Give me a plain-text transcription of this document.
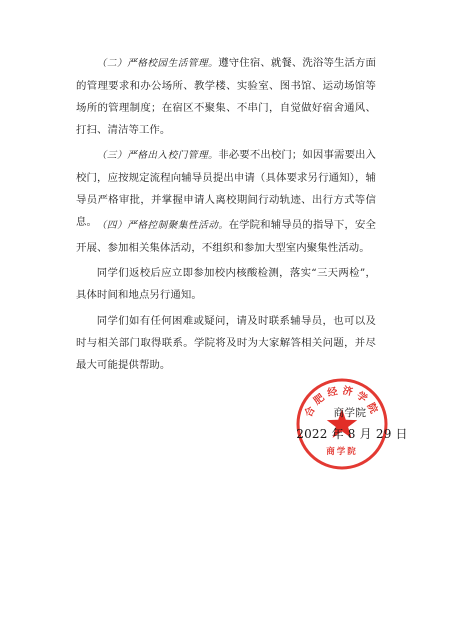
（二）严格校园生活管理。遵守住宿、就餐、洗浴等生活方面的管理要求和办公场所、教学楼、实验室、图书馆、运动场馆等场所的管理制度；在宿区不聚集、不串门，自觉做好宿舍通风、打扫、清洁等工作。

（三）严格出入校门管理。非必要不出校门；如因事需要出入校门，应按规定流程向辅导员提出申请（具体要求另行通知），辅导员严格审批，并掌握申请人离校期间行动轨迹、出行方式等信息。 （四）严格控制聚集性活动。在学院和辅导员的指导下，安全开展、参加相关集体活动，不组织和参加大型室内聚集性活动。

同学们返校后应立即参加校内核酸检测，落实“三天两检”，具体时间和地点另行通知。

同学们如有任何困难或疑问，请及时联系辅导员，也可以及时与相关部门取得联系。学院将及时为大家解答相关问题，并尽最大可能提供帮助。

合肥经济学院
商学院
商学院
2022 年 8 月 29 日
